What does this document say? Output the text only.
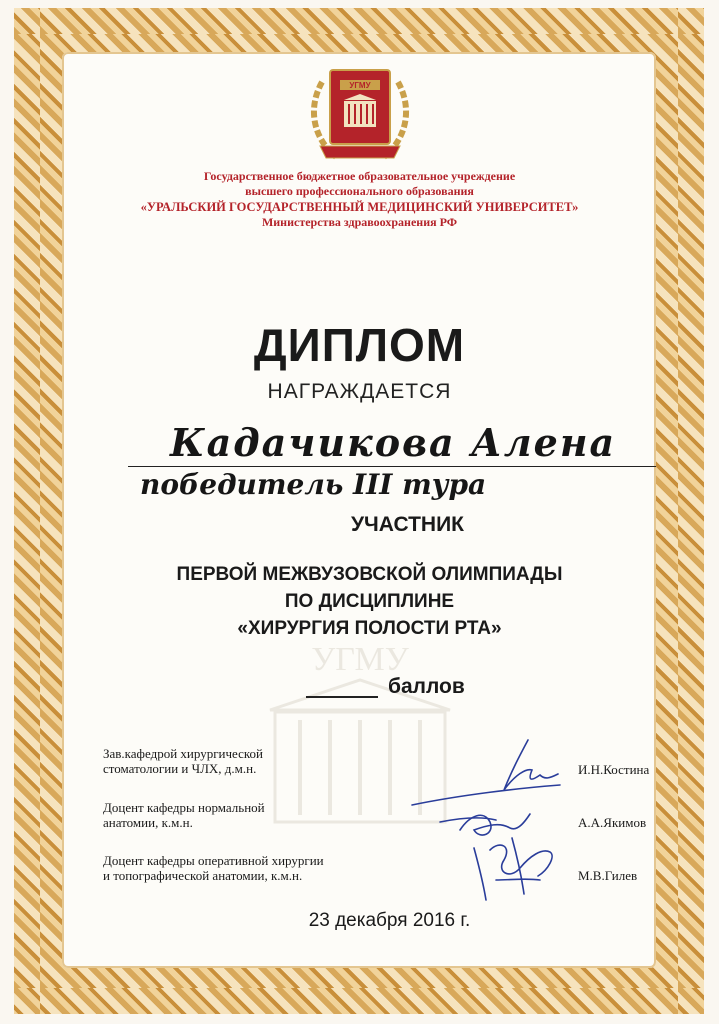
УГМУ
УГМУ
Государственное бюджетное образовательное учреждение
высшего профессионального образования
«УРАЛЬСКИЙ ГОСУДАРСТВЕННЫЙ МЕДИЦИНСКИЙ УНИВЕРСИТЕТ»
Министерства здравоохранения РФ
ДИПЛОМ
НАГРАЖДАЕТСЯ
Кадачикова Алена
победитель III тура
УЧАСТНИК
ПЕРВОЙ МЕЖВУЗОВСКОЙ ОЛИМПИАДЫ
ПО ДИСЦИПЛИНЕ
«ХИРУРГИЯ ПОЛОСТИ РТА»
баллов
Зав.кафедрой хирургической
стоматологии и ЧЛХ, д.м.н.	И.Н.Костина
Доцент кафедры нормальной
анатомии, к.м.н.	А.А.Якимов
Доцент кафедры оперативной хирургии
и топографической анатомии, к.м.н.	М.В.Гилев
23 декабря 2016 г.
